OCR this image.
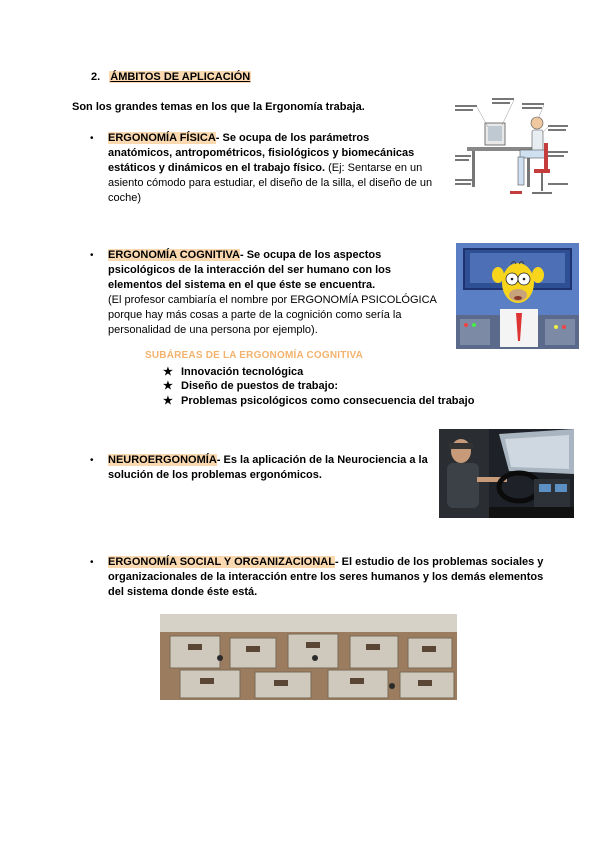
2. ÁMBITOS DE APLICACIÓN
Son los grandes temas en los que la Ergonomía trabaja.
• ERGONOMÍA FÍSICA- Se ocupa de los parámetros
anatómicos, antropométricos, fisiológicos y biomecánicas
estáticos y dinámicos en el trabajo físico. (Ej: Sentarse en un
asiento cómodo para estudiar, el diseño de la silla, el diseño de un
coche)
• ERGONOMÍA COGNITIVA- Se ocupa de los aspectos
psicológicos de la interacción del ser humano con los
elementos del sistema en el que éste se encuentra.
(El profesor cambiaría el nombre por ERGONOMÍA PSICOLÓGICA
porque hay más cosas a parte de la cognición como sería la
personalidad de una persona por ejemplo).
SUBÁREAS DE LA ERGONOMÍA COGNITIVA
★ Innovación tecnológica
★ Diseño de puestos de trabajo:
★ Problemas psicológicos como consecuencia del trabajo
• NEUROERGONOMÍA- Es la aplicación de la Neurociencia a la
solución de los problemas ergonómicos.
• ERGONOMÍA SOCIAL Y ORGANIZACIONAL- El estudio de los problemas sociales y
organizacionales de la interacción entre los seres humanos y los demás elementos
del sistema donde éste está.
